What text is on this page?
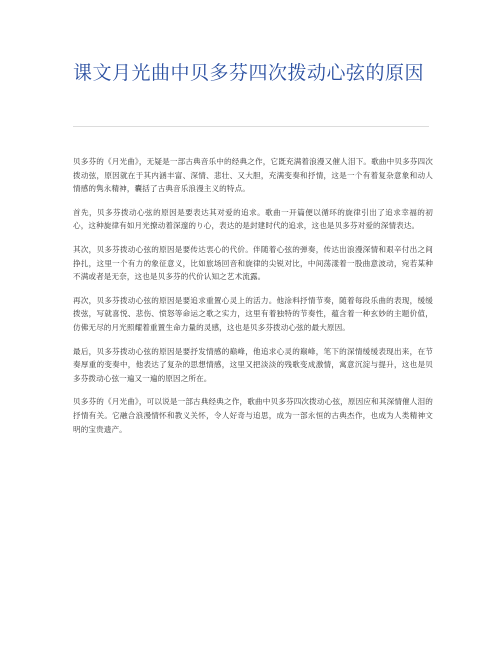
课文月光曲中贝多芬四次拨动心弦的原因

贝多芬的《月光曲》，无疑是一部古典音乐中的经典之作，它既充满着浪漫又催人泪下。歌曲中贝多芬四次拨动弦，原因就在于其内涵丰富、深情、悲壮、又大胆，充满变奏和抒情，这是一个有着复杂意象和动人情感的隽永精神，囊括了古典音乐浪漫主义的特点。

首先，贝多芬拨动心弦的原因是要表达其对爱的追求。歌曲一开篇便以循环的旋律引出了追求幸福的初心，这种旋律有如月光撩动着深邃的り心，表达的是封建时代的追求，这也是贝多芬对爱的深情表达。

其次，贝多芬拨动心弦的原因是要传达衷心的代价。伴随着心弦的弹奏，传达出浪漫深情和艰辛付出之间挣扎，这里一个有力的象征意义，比如旅场回音和旋律的尖锐对比，中间荡漾着一股曲意波动，宛若某种不满或者是无奈，这也是贝多芬的代价认知之艺术流露。

再次，贝多芬拨动心弦的原因是要追求重置心灵上的活力。他涂料抒情节奏，随着每段乐曲的表现，缓缓拨弦，写就喜悦、悲伤、愤怒等命运之歌之实力，这里有着独特的节奏性，蕴含着一种玄妙的主题价值，仿佛无尽的月光照耀着重置生命力量的灵感，这也是贝多芬拨动心弦的最大原因。

最后，贝多芬拨动心弦的原因是要抒发情感的巅峰，他追求心灵的巅峰，笔下的深情缓缓表现出来，在节奏厚重的变奏中，他表达了复杂的思想情感，这里又把淡淡的残歌变成激情，寓意沉淀与提升，这也是贝多芬拨动心弦一遍又一遍的原因之所在。

贝多芬的《月光曲》，可以说是一部古典经典之作，歌曲中贝多芬四次拨动心弦，原因应和其深情催人泪的抒情有关。它融合浪漫情怀和教义关怀，令人好奇与追思，成为一部永恒的古典杰作，也成为人类精神文明的宝贵遗产。
